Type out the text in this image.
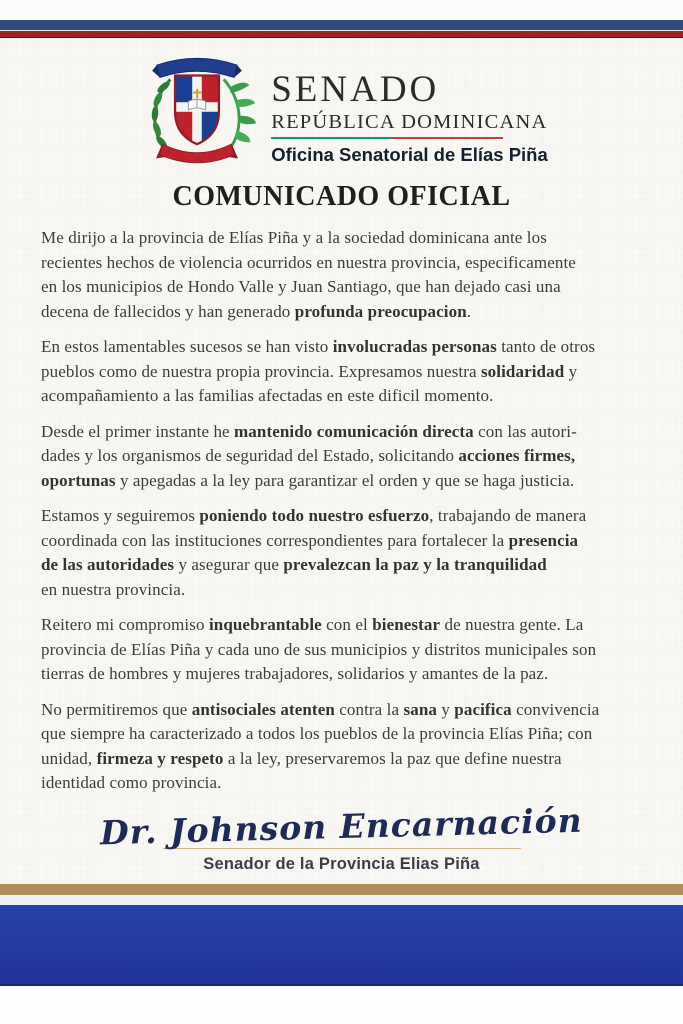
SENADO
REPÚBLICA DOMINICANA
Oficina Senatorial de Elías Piña
COMUNICADO OFICIAL

Me dirijo a la provincia de Elías Piña y a la sociedad dominicana ante los
recientes hechos de violencia ocurridos en nuestra provincia, especificamente
en los municipios de Hondo Valle y Juan Santiago, que han dejado casi una
decena de fallecidos y han generado profunda preocupacion.

En estos lamentables sucesos se han visto involucradas personas tanto de otros
pueblos como de nuestra propia provincia. Expresamos nuestra solidaridad y
acompañamiento a las familias afectadas en este dificil momento.

Desde el primer instante he mantenido comunicación directa con las autori-
dades y los organismos de seguridad del Estado, solicitando acciones firmes,
oportunas y apegadas a la ley para garantizar el orden y que se haga justicia.

Estamos y seguiremos poniendo todo nuestro esfuerzo, trabajando de manera
coordinada con las instituciones correspondientes para fortalecer la presencia
de las autoridades y asegurar que prevalezcan la paz y la tranquilidad
en nuestra provincia.

Reitero mi compromiso inquebrantable con el bienestar de nuestra gente. La
provincia de Elías Piña y cada uno de sus municipios y distritos municipales son
tierras de hombres y mujeres trabajadores, solidarios y amantes de la paz.

No permitiremos que antisociales atenten contra la sana y pacifica convivencia
que siempre ha caracterizado a todos los pueblos de la provincia Elías Piña; con
unidad, firmeza y respeto a la ley, preservaremos la paz que define nuestra
identidad como provincia.

Dr. Johnson Encarnación
Senador de la Provincia Elias Piña
